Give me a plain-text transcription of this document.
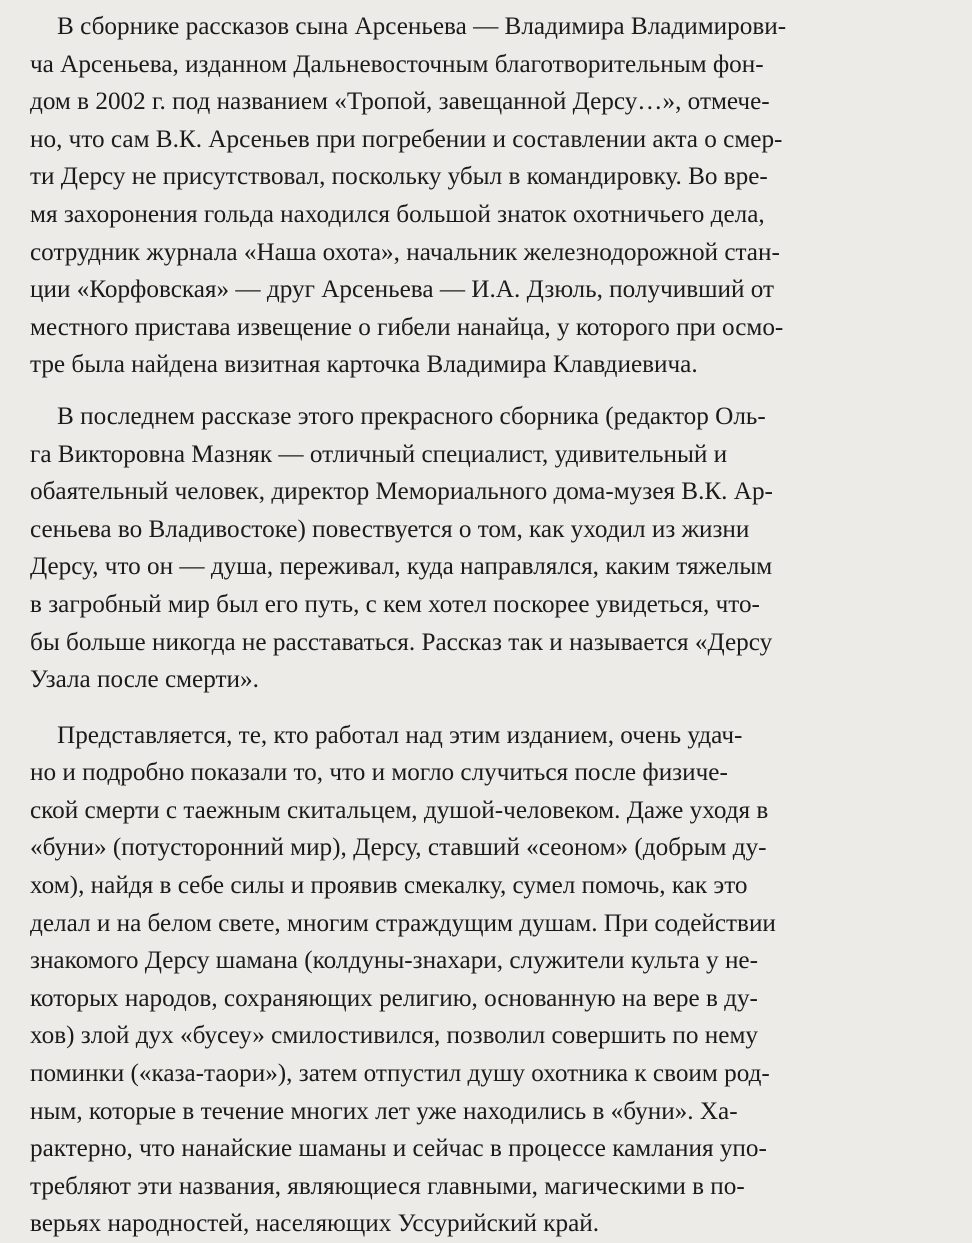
В сборнике рассказов сына Арсеньева — Владимира Владимирови-
ча Арсеньева, изданном Дальневосточным благотворительным фон-
дом в 2002 г. под названием «Тропой, завещанной Дерсу…», отмече-
но, что сам В.К. Арсеньев при погребении и составлении акта о смер-
ти Дерсу не присутствовал, поскольку убыл в командировку. Во вре-
мя захоронения гольда находился большой знаток охотничьего дела,
сотрудник журнала «Наша охота», начальник железнодорожной стан-
ции «Корфовская» — друг Арсеньева — И.А. Дзюль, получивший от
местного пристава извещение о гибели нанайца, у которого при осмо-
тре была найдена визитная карточка Владимира Клавдиевича.

В последнем рассказе этого прекрасного сборника (редактор Оль-
га Викторовна Мазняк — отличный специалист, удивительный и
обаятельный человек, директор Мемориального дома-музея В.К. Ар-
сеньева во Владивостоке) повествуется о том, как уходил из жизни
Дерсу, что он — душа, переживал, куда направлялся, каким тяжелым
в загробный мир был его путь, с кем хотел поскорее увидеться, что-
бы больше никогда не расставаться. Рассказ так и называется «Дерсу
Узала после смерти».

Представляется, те, кто работал над этим изданием, очень удач-
но и подробно показали то, что и могло случиться после физиче-
ской смерти с таежным скитальцем, душой-человеком. Даже уходя в
«буни» (потусторонний мир), Дерсу, ставший «сеоном» (добрым ду-
хом), найдя в себе силы и проявив смекалку, сумел помочь, как это
делал и на белом свете, многим страждущим душам. При содействии
знакомого Дерсу шамана (колдуны-знахари, служители культа у не-
которых народов, сохраняющих религию, основанную на вере в ду-
хов) злой дух «бусеу» смилостивился, позволил совершить по нему
поминки («каза-таори»), затем отпустил душу охотника к своим род-
ным, которые в течение многих лет уже находились в «буни». Ха-
рактерно, что нанайские шаманы и сейчас в процессе камлания упо-
требляют эти названия, являющиеся главными, магическими в по-
верьях народностей, населяющих Уссурийский край.
